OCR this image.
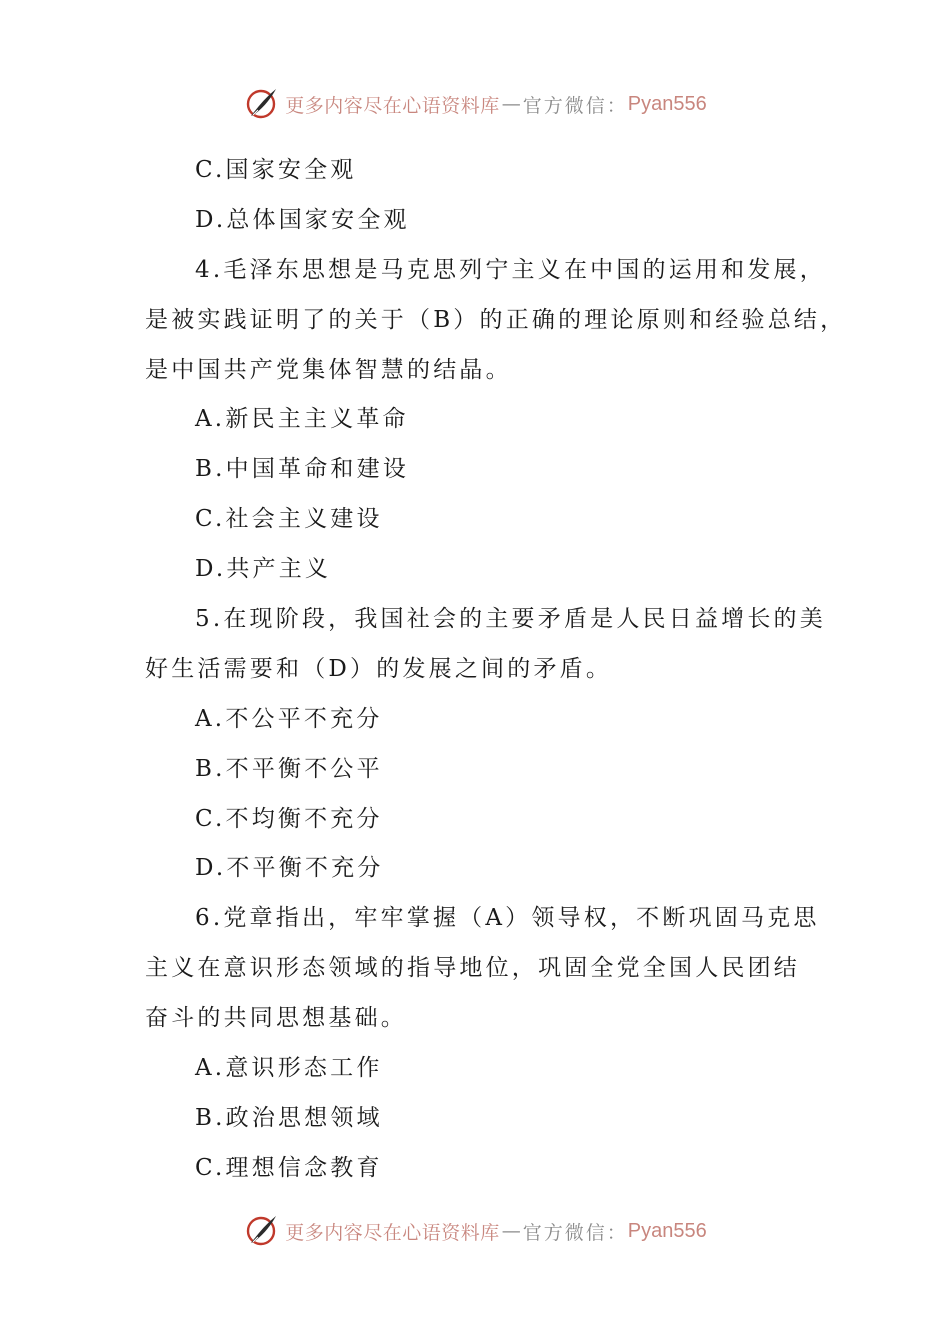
更多内容尽在心语资料库 — 官方微信： Pyan556
C.国家安全观
D.总体国家安全观
4.毛泽东思想是马克思列宁主义在中国的运用和发展，
是被实践证明了的关于（B）的正确的理论原则和经验总结，
是中国共产党集体智慧的结晶。
A.新民主主义革命
B.中国革命和建设
C.社会主义建设
D.共产主义
5.在现阶段，我国社会的主要矛盾是人民日益增长的美
好生活需要和（D）的发展之间的矛盾。
A.不公平不充分
B.不平衡不公平
C.不均衡不充分
D.不平衡不充分
6.党章指出，牢牢掌握（A）领导权，不断巩固马克思
主义在意识形态领域的指导地位，巩固全党全国人民团结
奋斗的共同思想基础。
A.意识形态工作
B.政治思想领域
C.理想信念教育
更多内容尽在心语资料库 — 官方微信： Pyan556
